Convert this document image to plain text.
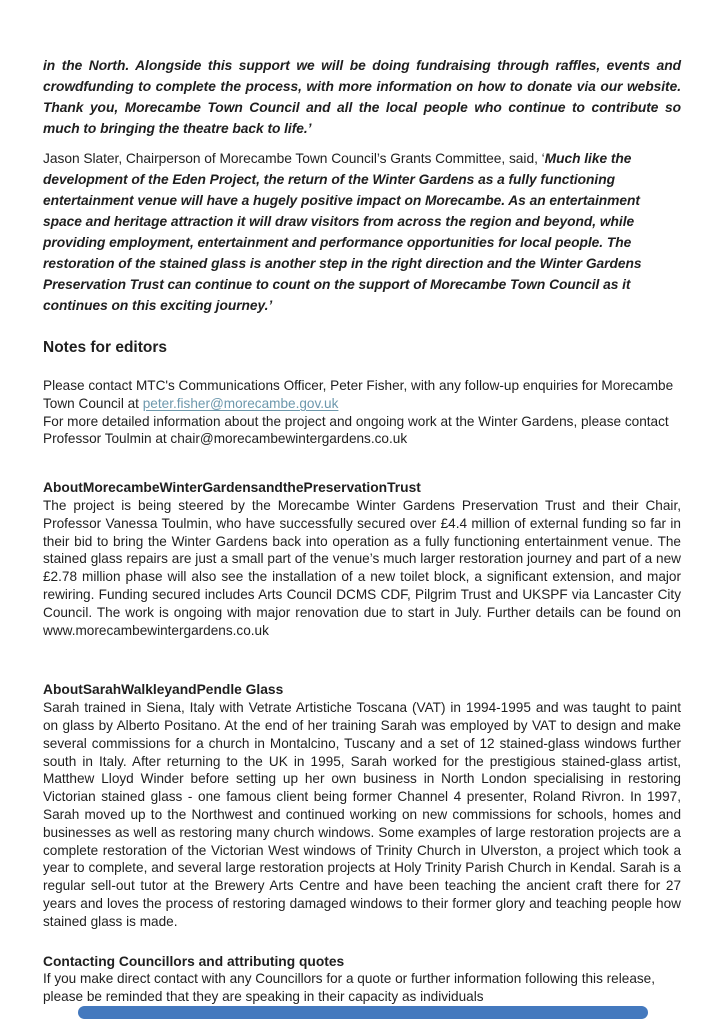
in the North. Alongside this support we will be doing fundraising through raffles, events and crowdfunding to complete the process, with more information on how to donate via our website. Thank you, Morecambe Town Council and all the local people who continue to contribute so much to bringing the theatre back to life.’

Jason Slater, Chairperson of Morecambe Town Council’s Grants Committee, said, ‘Much like the development of the Eden Project, the return of the Winter Gardens as a fully functioning entertainment venue will have a hugely positive impact on Morecambe. As an entertainment space and heritage attraction it will draw visitors from across the region and beyond, while providing employment, entertainment and performance opportunities for local people. The restoration of the stained glass is another step in the right direction and the Winter Gardens Preservation Trust can continue to count on the support of Morecambe Town Council as it continues on this exciting journey.’

Notes for editors

Please contact MTC's Communications Officer, Peter Fisher, with any follow-up enquiries for Morecambe Town Council at peter.fisher@morecambe.gov.uk

For more detailed information about the project and ongoing work at the Winter Gardens, please contact Professor Toulmin at chair@morecambewintergardens.co.uk

AboutMorecambeWinterGardensandthePreservationTrust

The project is being steered by the Morecambe Winter Gardens Preservation Trust and their Chair, Professor Vanessa Toulmin, who have successfully secured over £4.4 million of external funding so far in their bid to bring the Winter Gardens back into operation as a fully functioning entertainment venue. The stained glass repairs are just a small part of the venue’s much larger restoration journey and part of a new £2.78 million phase will also see the installation of a new toilet block, a significant extension, and major rewiring. Funding secured includes Arts Council DCMS CDF, Pilgrim Trust and UKSPF via Lancaster City Council. The work is ongoing with major renovation due to start in July. Further details can be found on www.morecambewintergardens.co.uk

AboutSarahWalkleyandPendle Glass

Sarah trained in Siena, Italy with Vetrate Artistiche Toscana (VAT) in 1994-1995 and was taught to paint on glass by Alberto Positano. At the end of her training Sarah was employed by VAT to design and make several commissions for a church in Montalcino, Tuscany and a set of 12 stained-glass windows further south in Italy. After returning to the UK in 1995, Sarah worked for the prestigious stained-glass artist, Matthew Lloyd Winder before setting up her own business in North London specialising in restoring Victorian stained glass - one famous client being former Channel 4 presenter, Roland Rivron. In 1997, Sarah moved up to the Northwest and continued working on new commissions for schools, homes and businesses as well as restoring many church windows. Some examples of large restoration projects are a complete restoration of the Victorian West windows of Trinity Church in Ulverston, a project which took a year to complete, and several large restoration projects at Holy Trinity Parish Church in Kendal. Sarah is a regular sell-out tutor at the Brewery Arts Centre and have been teaching the ancient craft there for 27 years and loves the process of restoring damaged windows to their former glory and teaching people how stained glass is made.

Contacting Councillors and attributing quotes

If you make direct contact with any Councillors for a quote or further information following this release, please be reminded that they are speaking in their capacity as individuals
